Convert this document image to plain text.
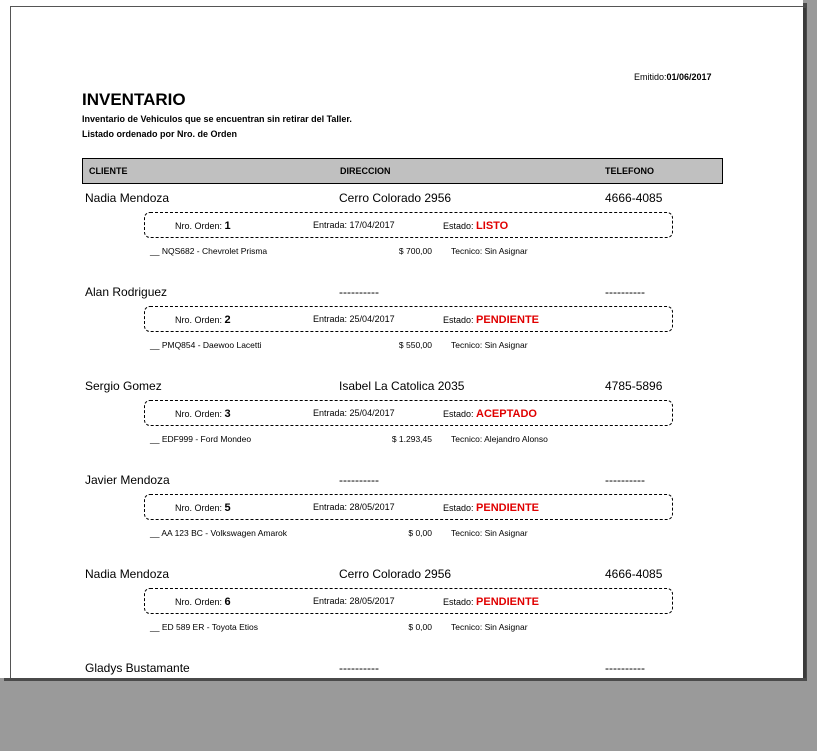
Emitido:01/06/2017
INVENTARIO
Inventario de Vehiculos que se encuentran sin retirar del Taller.
Listado ordenado por Nro. de Orden
CLIENTE	DIRECCION	TELEFONO
Nadia Mendoza	Cerro Colorado 2956	4666-4085
Nro. Orden: 1	Entrada: 17/04/2017	Estado: LISTO
__ NQS682 - Chevrolet Prisma	$ 700,00 Tecnico: Sin Asignar
Alan Rodriguez	----------	----------
Nro. Orden: 2	Entrada: 25/04/2017	Estado: PENDIENTE
__ PMQ854 - Daewoo Lacetti	$ 550,00 Tecnico: Sin Asignar
Sergio Gomez	Isabel La Catolica 2035	4785-5896
Nro. Orden: 3	Entrada: 25/04/2017	Estado: ACEPTADO
__ EDF999 - Ford Mondeo	$ 1.293,45 Tecnico: Alejandro Alonso
Javier Mendoza	----------	----------
Nro. Orden: 5	Entrada: 28/05/2017	Estado: PENDIENTE
__ AA 123 BC - Volkswagen Amarok	$ 0,00 Tecnico: Sin Asignar
Nadia Mendoza	Cerro Colorado 2956	4666-4085
Nro. Orden: 6	Entrada: 28/05/2017	Estado: PENDIENTE
__ ED 589 ER - Toyota Etios	$ 0,00 Tecnico: Sin Asignar
Gladys Bustamante	----------	----------
